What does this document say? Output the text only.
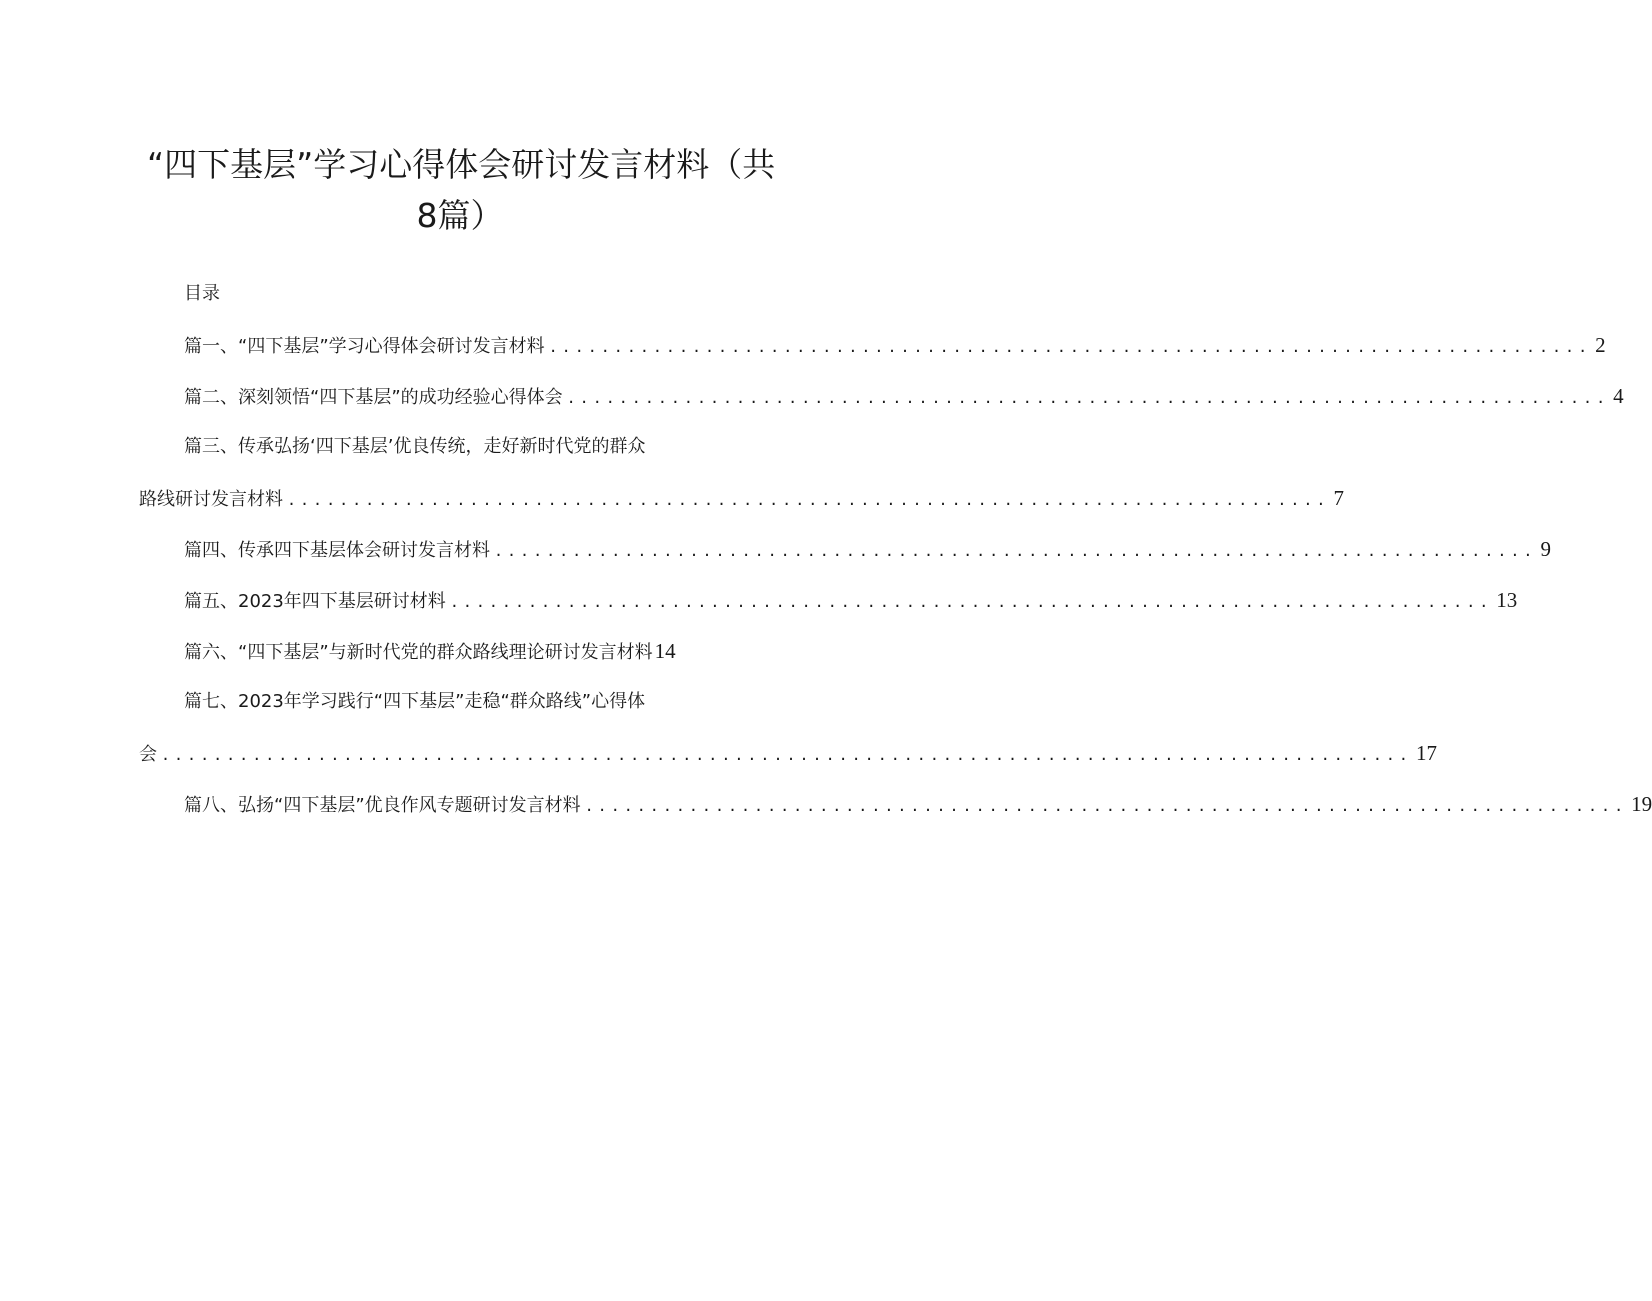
“四下基层”学习心得体会研讨发言材料（共
8篇）
目录
篇一、“四下基层”学习心得体会研讨发言材料 ................................................................................ 2
篇二、深刻领悟“四下基层”的成功经验心得体会 ................................................................................ 4
篇三、传承弘扬‘四下基层’优良传统，走好新时代党的群众
路线研讨发言材料 ................................................................................ 7
篇四、传承四下基层体会研讨发言材料 ................................................................................ 9
篇五、2023年四下基层研讨材料 ................................................................................ 13
篇六、“四下基层”与新时代党的群众路线理论研讨发言材料 14
篇七、2023年学习践行“四下基层”走稳“群众路线”心得体
会 ................................................................................................ 17
篇八、弘扬“四下基层”优良作风专题研讨发言材料 ................................................................................ 19
